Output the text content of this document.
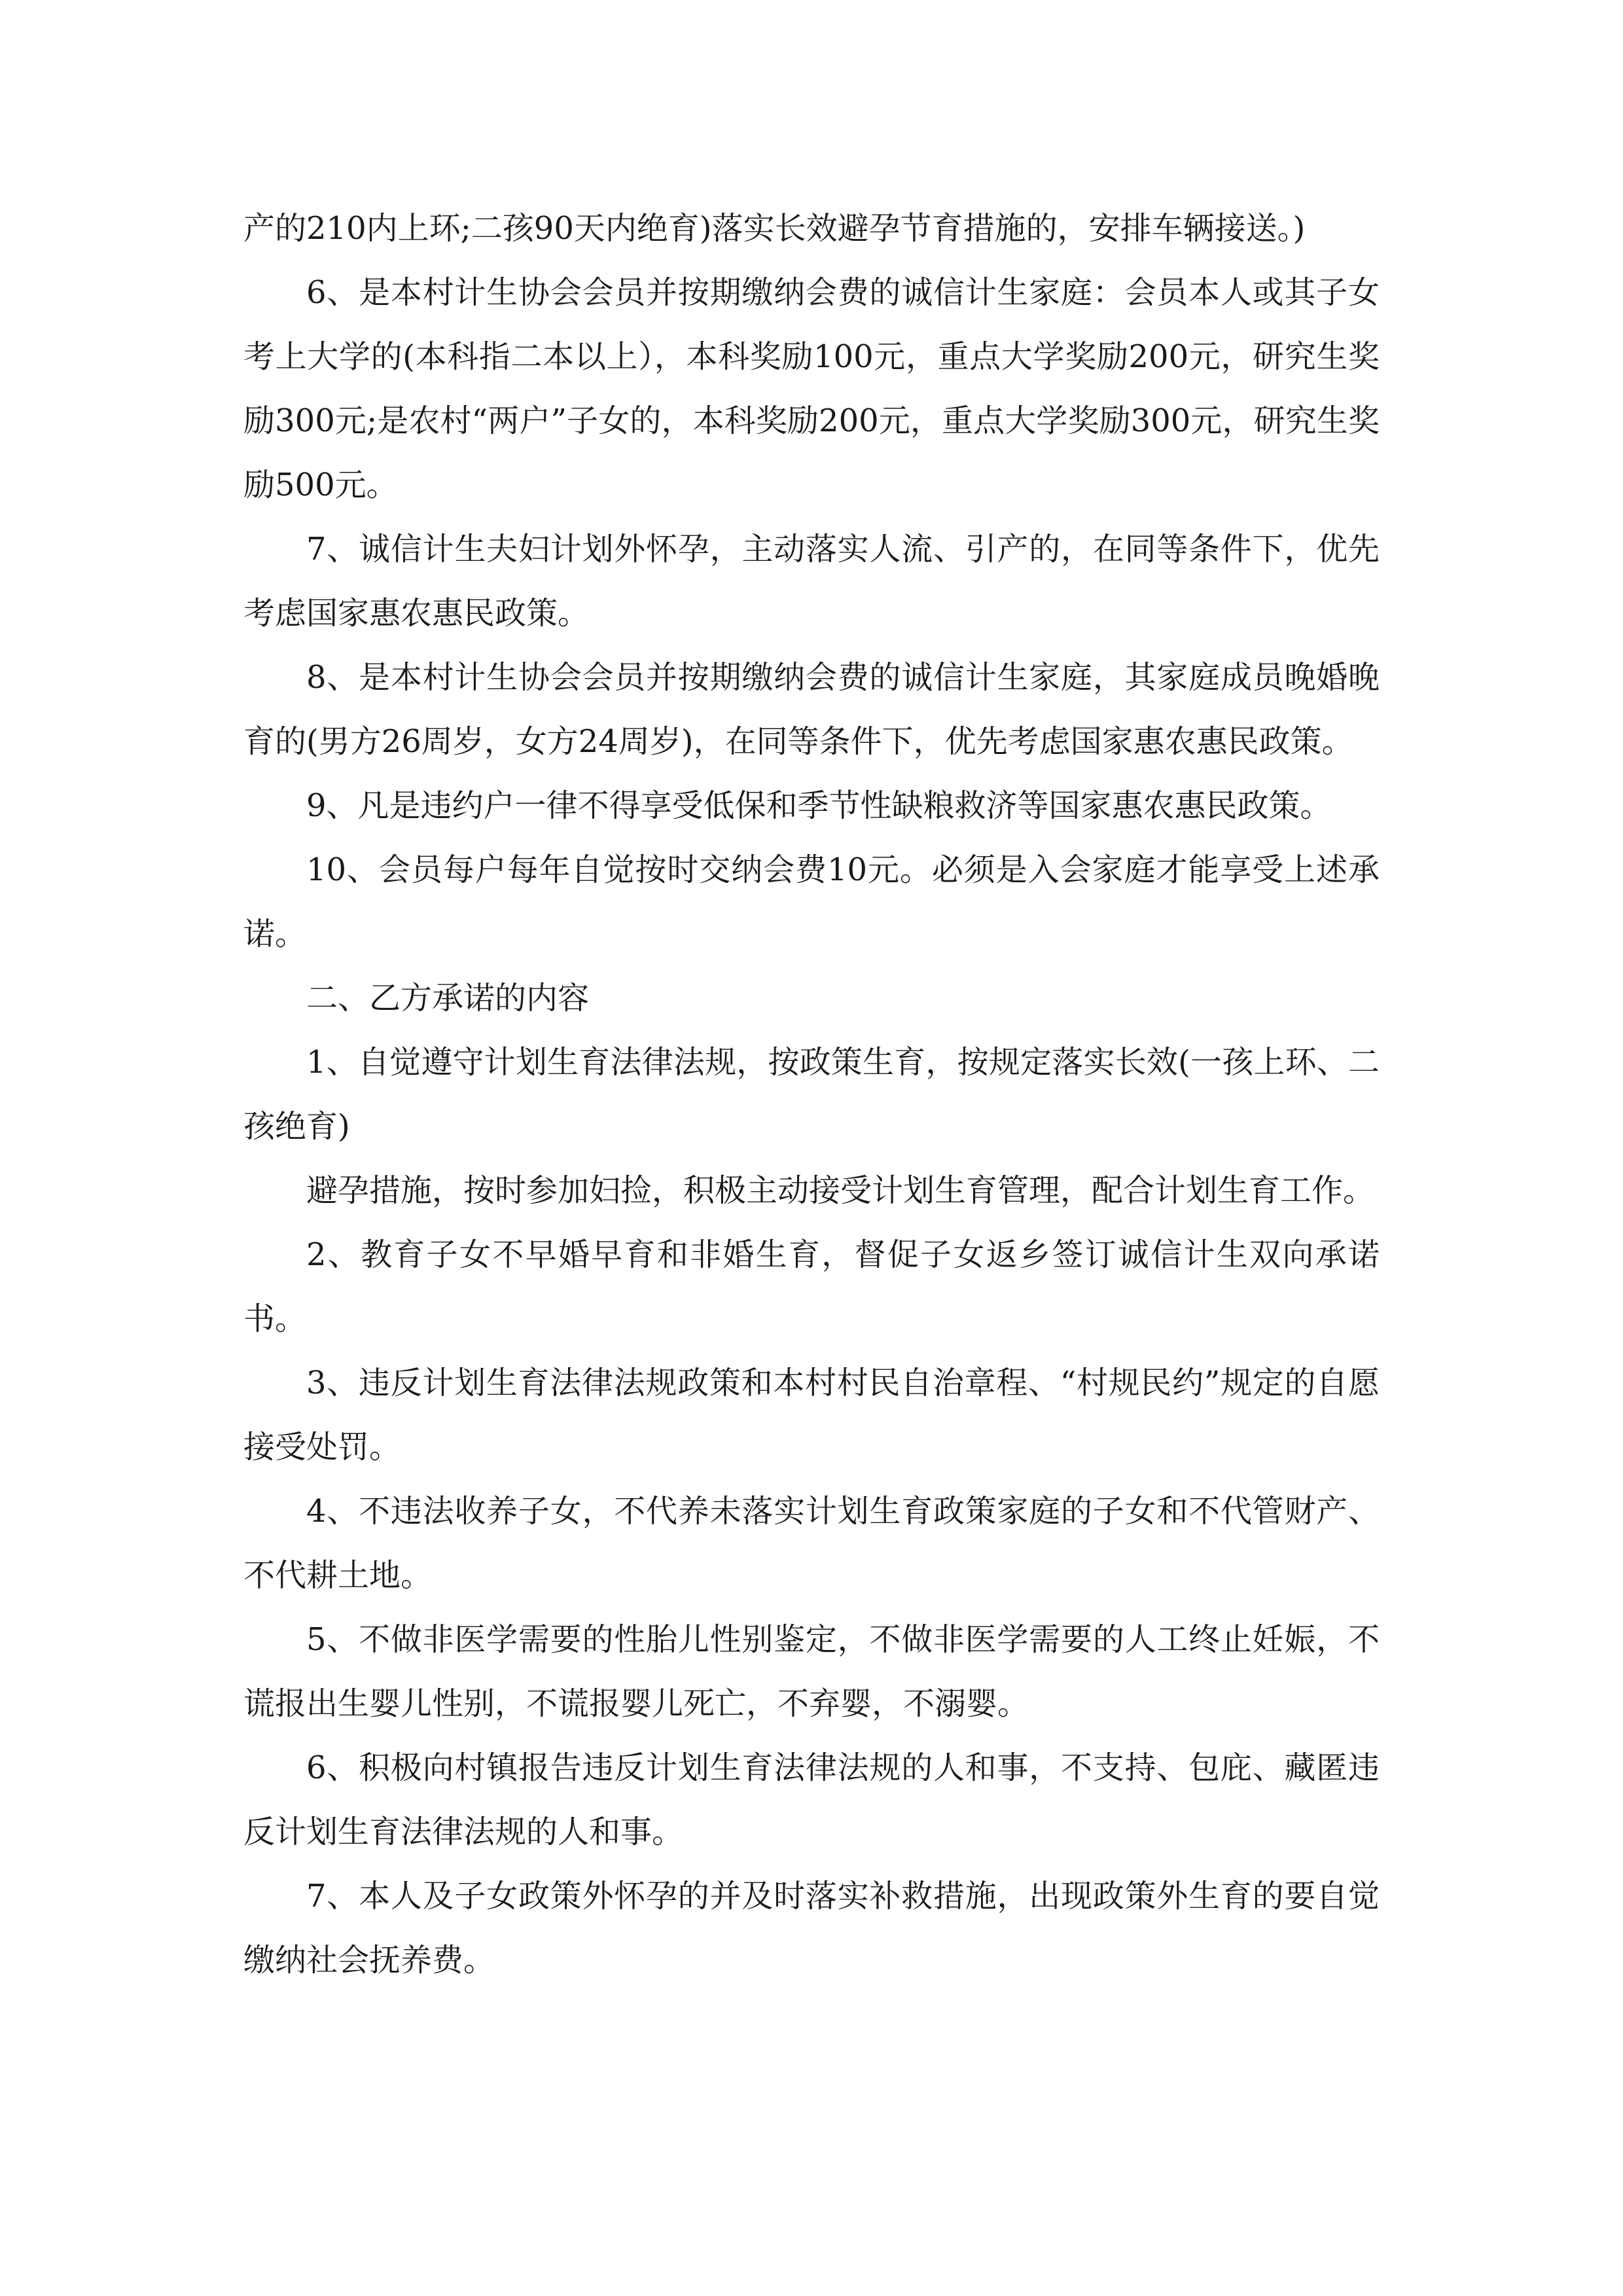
产的210内上环;二孩90天内绝育)落实长效避孕节育措施的，安排车辆接送。)

6、是本村计生协会会员并按期缴纳会费的诚信计生家庭：会员本人或其子女考上大学的(本科指二本以上），本科奖励100元，重点大学奖励200元，研究生奖励300元;是农村“两户”子女的，本科奖励200元，重点大学奖励300元，研究生奖励500元。

7、诚信计生夫妇计划外怀孕，主动落实人流、引产的，在同等条件下，优先考虑国家惠农惠民政策。

8、是本村计生协会会员并按期缴纳会费的诚信计生家庭，其家庭成员晚婚晚育的(男方26周岁，女方24周岁)，在同等条件下，优先考虑国家惠农惠民政策。

9、凡是违约户一律不得享受低保和季节性缺粮救济等国家惠农惠民政策。

10、会员每户每年自觉按时交纳会费10元。必须是入会家庭才能享受上述承诺。

二、乙方承诺的内容

1、自觉遵守计划生育法律法规，按政策生育，按规定落实长效(一孩上环、二孩绝育)

避孕措施，按时参加妇捡，积极主动接受计划生育管理，配合计划生育工作。

2、教育子女不早婚早育和非婚生育，督促子女返乡签订诚信计生双向承诺书。

3、违反计划生育法律法规政策和本村村民自治章程、“村规民约”规定的自愿接受处罚。

4、不违法收养子女，不代养未落实计划生育政策家庭的子女和不代管财产、不代耕土地。

5、不做非医学需要的性胎儿性别鉴定，不做非医学需要的人工终止妊娠，不谎报出生婴儿性别，不谎报婴儿死亡，不弃婴，不溺婴。

6、积极向村镇报告违反计划生育法律法规的人和事，不支持、包庇、藏匿违反计划生育法律法规的人和事。

7、本人及子女政策外怀孕的并及时落实补救措施，出现政策外生育的要自觉缴纳社会抚养费。
